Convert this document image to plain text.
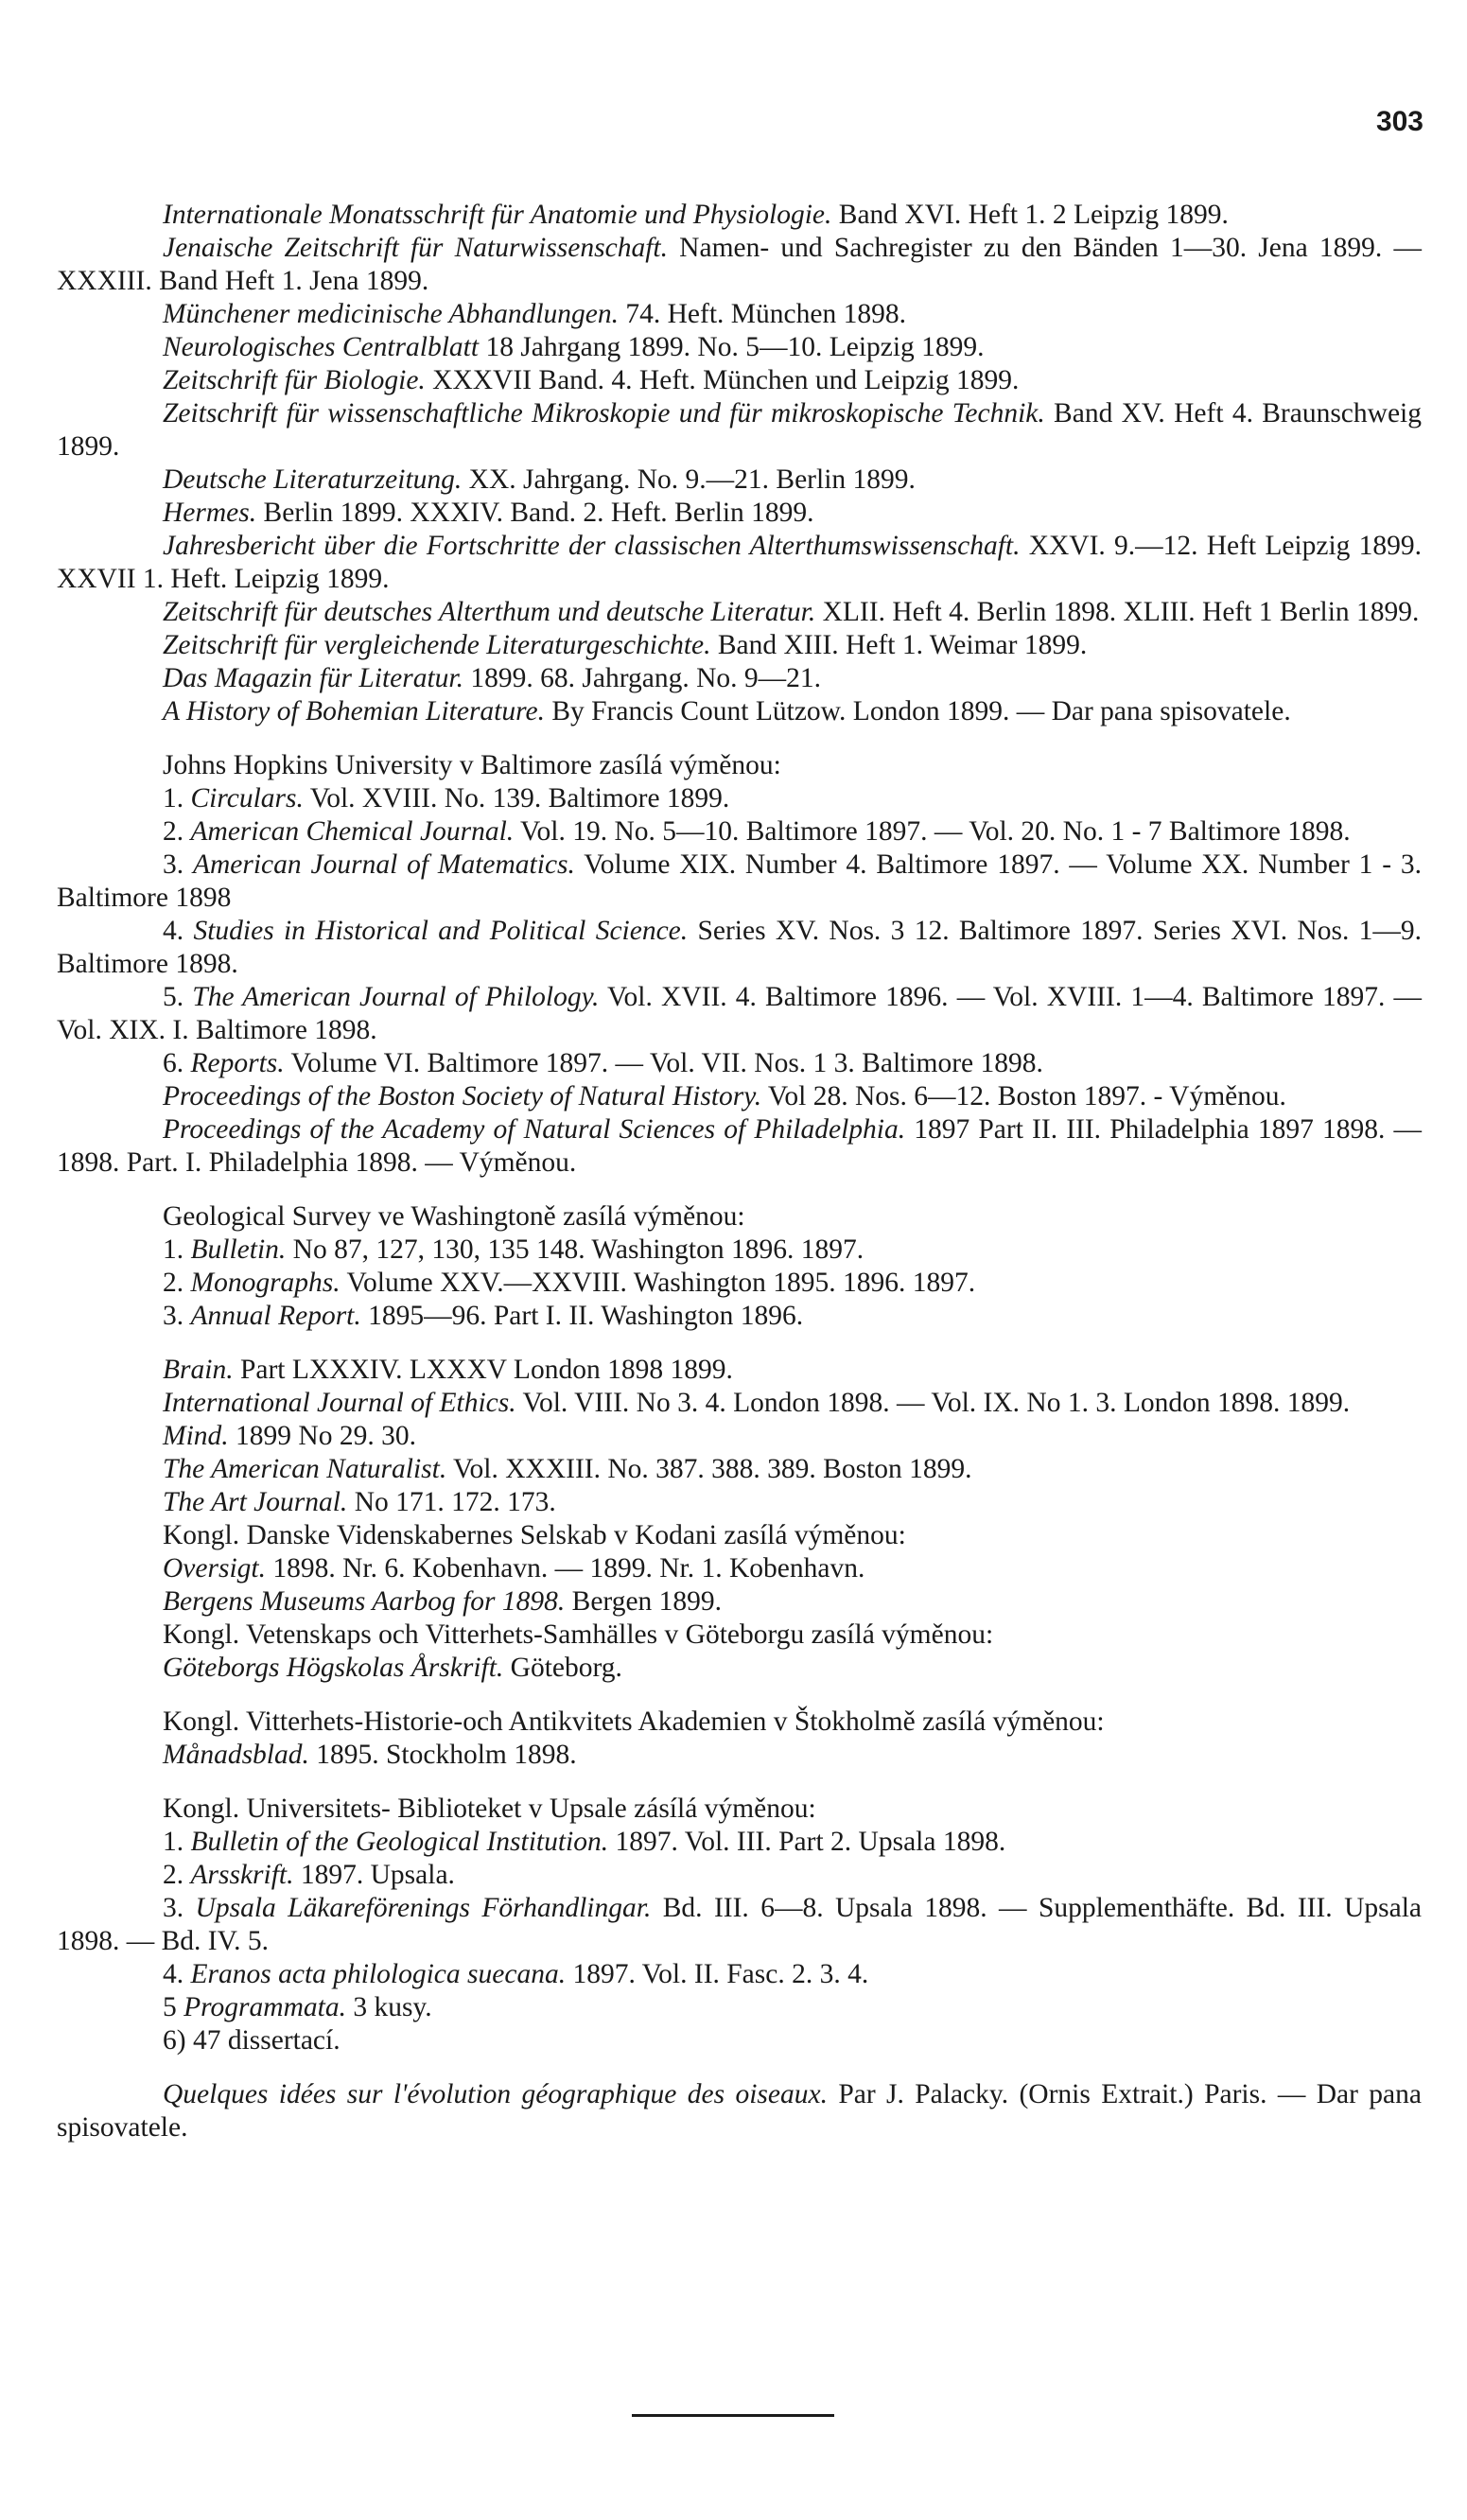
303

Internationale Monatsschrift für Anatomie und Physiologie. Band XVI. Heft 1. 2 Leipzig 1899.

Jenaische Zeitschrift für Naturwissenschaft. Namen- und Sachregister zu den Bänden 1—30. Jena 1899. — XXXIII. Band Heft 1. Jena 1899.

Münchener medicinische Abhandlungen. 74. Heft. München 1898.

Neurologisches Centralblatt 18 Jahrgang 1899. No. 5—10. Leipzig 1899.

Zeitschrift für Biologie. XXXVII Band. 4. Heft. München und Leipzig 1899.

Zeitschrift für wissenschaftliche Mikroskopie und für mikroskopische Technik. Band XV. Heft 4. Braunschweig 1899.

Deutsche Literaturzeitung. XX. Jahrgang. No. 9.—21. Berlin 1899.

Hermes. Berlin 1899. XXXIV. Band. 2. Heft. Berlin 1899.

Jahresbericht über die Fortschritte der classischen Alterthumswissenschaft. XXVI. 9.—12. Heft Leipzig 1899. XXVII 1. Heft. Leipzig 1899.

Zeitschrift für deutsches Alterthum und deutsche Literatur. XLII. Heft 4. Berlin 1898. XLIII. Heft 1 Berlin 1899.

Zeitschrift für vergleichende Literaturgeschichte. Band XIII. Heft 1. Weimar 1899.

Das Magazin für Literatur. 1899. 68. Jahrgang. No. 9—21.

A History of Bohemian Literature. By Francis Count Lützow. London 1899. — Dar pana spisovatele.

Johns Hopkins University v Baltimore zasílá výměnou:

1. Circulars. Vol. XVIII. No. 139. Baltimore 1899.

2. American Chemical Journal. Vol. 19. No. 5—10. Baltimore 1897. — Vol. 20. No. 1 - 7 Baltimore 1898.

3. American Journal of Matematics. Volume XIX. Number 4. Baltimore 1897. — Volume XX. Number 1 - 3. Baltimore 1898

4. Studies in Historical and Political Science. Series XV. Nos. 3 12. Baltimore 1897. Series XVI. Nos. 1—9. Baltimore 1898.

5. The American Journal of Philology. Vol. XVII. 4. Baltimore 1896. — Vol. XVIII. 1—4. Baltimore 1897. — Vol. XIX. I. Baltimore 1898.

6. Reports. Volume VI. Baltimore 1897. — Vol. VII. Nos. 1 3. Baltimore 1898.

Proceedings of the Boston Society of Natural History. Vol 28. Nos. 6—12. Boston 1897. - Výměnou.

Proceedings of the Academy of Natural Sciences of Philadelphia. 1897 Part II. III. Philadelphia 1897 1898. — 1898. Part. I. Philadelphia 1898. — Výměnou.

Geological Survey ve Washingtoně zasílá výměnou:

1. Bulletin. No 87, 127, 130, 135 148. Washington 1896. 1897.

2. Monographs. Volume XXV.—XXVIII. Washington 1895. 1896. 1897.

3. Annual Report. 1895—96. Part I. II. Washington 1896.

Brain. Part LXXXIV. LXXXV London 1898 1899.

International Journal of Ethics. Vol. VIII. No 3. 4. London 1898. — Vol. IX. No 1. 3. London 1898. 1899.

Mind. 1899 No 29. 30.

The American Naturalist. Vol. XXXIII. No. 387. 388. 389. Boston 1899.

The Art Journal. No 171. 172. 173.

Kongl. Danske Videnskabernes Selskab v Kodani zasílá výměnou:

Oversigt. 1898. Nr. 6. Kobenhavn. — 1899. Nr. 1. Kobenhavn.

Bergens Museums Aarbog for 1898. Bergen 1899.

Kongl. Vetenskaps och Vitterhets-Samhälles v Göteborgu zasílá výměnou:

Göteborgs Högskolas Årskrift. Göteborg.

Kongl. Vitterhets-Historie-och Antikvitets Akademien v Štokholmě zasílá výměnou:

Månadsblad. 1895. Stockholm 1898.

Kongl. Universitets- Biblioteket v Upsale zásílá výměnou:

1. Bulletin of the Geological Institution. 1897. Vol. III. Part 2. Upsala 1898.

2. Arsskrift. 1897. Upsala.

3. Upsala Läkareförenings Förhandlingar. Bd. III. 6—8. Upsala 1898. — Supplementhäfte. Bd. III. Upsala 1898. — Bd. IV. 5.

4. Eranos acta philologica suecana. 1897. Vol. II. Fasc. 2. 3. 4.

5 Programmata. 3 kusy.

6) 47 dissertací.

Quelques idées sur l'évolution géographique des oiseaux. Par J. Palacky. (Ornis Extrait.) Paris. — Dar pana spisovatele.
